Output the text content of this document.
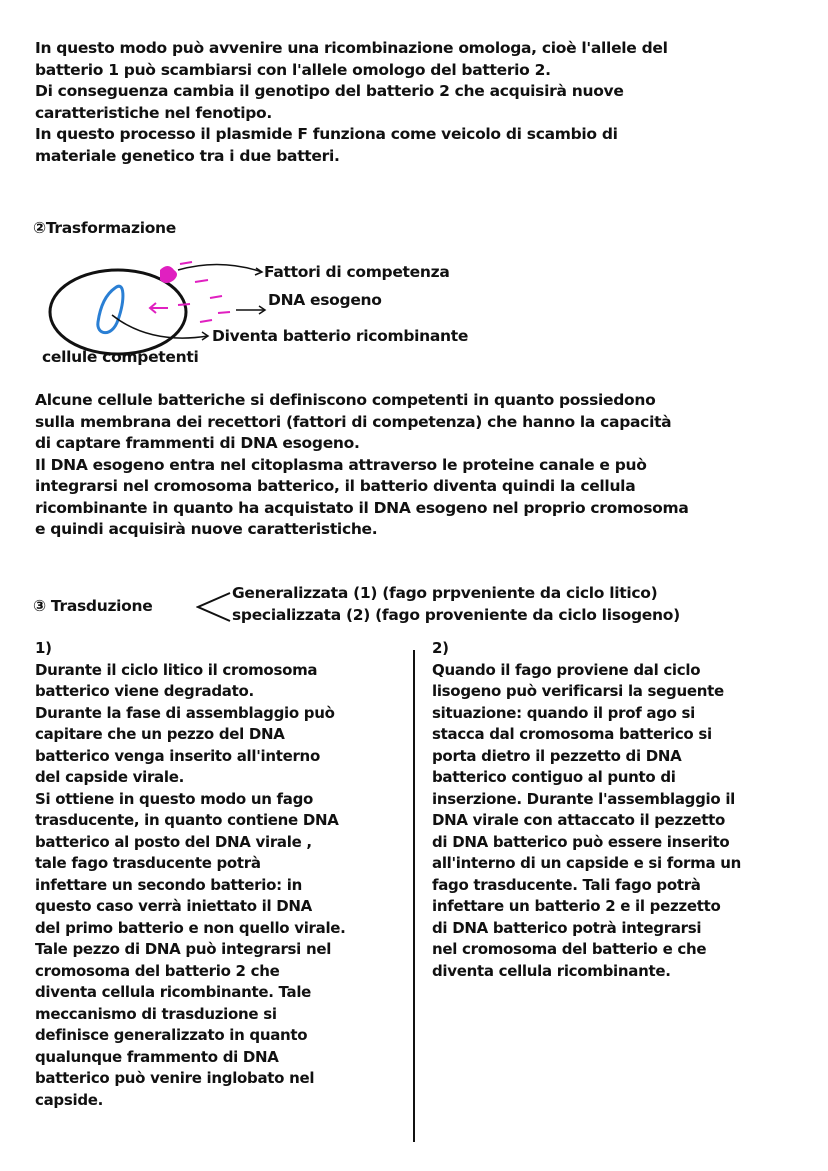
In questo modo può avvenire una ricombinazione omologa, cioè l'allele del
batterio 1 può scambiarsi con l'allele omologo del batterio 2.
Di conseguenza cambia il genotipo del batterio 2 che acquisirà nuove
caratteristiche nel fenotipo.
In questo processo il plasmide F funziona come veicolo di scambio di
materiale genetico tra i due batteri.
②Trasformazione
Fattori di competenza
DNA esogeno
Diventa batterio ricombinante
cellule competenti
Alcune cellule batteriche si definiscono competenti in quanto possiedono
sulla membrana dei recettori (fattori di competenza) che hanno la capacità
di captare frammenti di DNA esogeno.
Il DNA esogeno entra nel citoplasma attraverso le proteine canale e può
integrarsi nel cromosoma batterico, il batterio diventa quindi la cellula
ricombinante in quanto ha acquistato il DNA esogeno nel proprio cromosoma
e quindi acquisirà nuove caratteristiche.
③ Trasduzione
Generalizzata (1) (fago prpveniente da ciclo litico)
specializzata (2) (fago proveniente da ciclo lisogeno)
1)
Durante il ciclo litico il cromosoma
batterico viene degradato.
Durante la fase di assemblaggio può
capitare che un pezzo del DNA
batterico venga inserito all'interno
del capside virale.
Si ottiene in questo modo un fago
trasducente, in quanto contiene DNA
batterico al posto del DNA virale ,
tale fago trasducente potrà
infettare un secondo batterio: in
questo caso verrà iniettato il DNA
del primo batterio e non quello virale.
Tale pezzo di DNA può integrarsi nel
cromosoma del batterio 2 che
diventa cellula ricombinante. Tale
meccanismo di trasduzione si
definisce generalizzato in quanto
qualunque frammento di DNA
batterico può venire inglobato nel
capside.
2)
Quando il fago proviene dal ciclo
lisogeno può verificarsi la seguente
situazione: quando il prof ago si
stacca dal cromosoma batterico si
porta dietro il pezzetto di DNA
batterico contiguo al punto di
inserzione. Durante l'assemblaggio il
DNA virale con attaccato il pezzetto
di DNA batterico può essere inserito
all'interno di un capside e si forma un
fago trasducente. Tali fago potrà
infettare un batterio 2 e il pezzetto
di DNA batterico potrà integrarsi
nel cromosoma del batterio e che
diventa cellula ricombinante.
